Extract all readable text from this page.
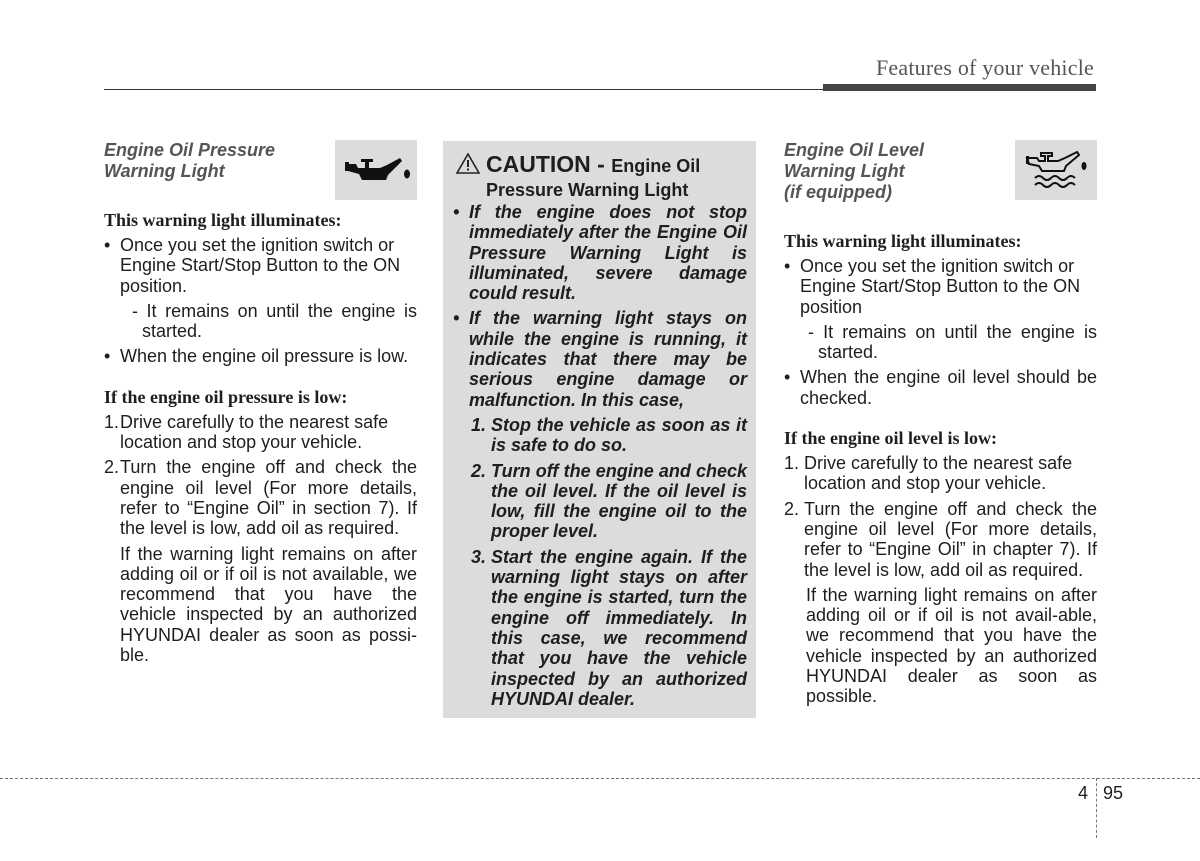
Features of your vehicle

Engine Oil Pressure
Warning Light

This warning light illuminates:
• Once you set the ignition switch or Engine Start/Stop Button to the ON position.
- It remains on until the engine is started.
• When the engine oil pressure is low.
If the engine oil pressure is low:
1. Drive carefully to the nearest safe location and stop your vehicle.
2. Turn the engine off and check the engine oil level (For more details, refer to “Engine Oil” in section 7). If the level is low, add oil as required.
If the warning light remains on after adding oil or if oil is not available, we recommend that you have the vehicle inspected by an authorized HYUNDAI dealer as soon as possi-ble.
CAUTION - Engine Oil
Pressure Warning Light
• If the engine does not stop immediately after the Engine Oil Pressure Warning Light is illuminated, severe damage could result.
• If the warning light stays on while the engine is running, it indicates that there may be serious engine damage or malfunction. In this case,
1. Stop the vehicle as soon as it is safe to do so.
2. Turn off the engine and check the oil level. If the oil level is low, fill the engine oil to the proper level.
3. Start the engine again. If the warning light stays on after the engine is started, turn the engine off immediately. In this case, we recommend that you have the vehicle inspected by an authorized HYUNDAI dealer.

Engine Oil Level
Warning Light
(if equipped)

This warning light illuminates:
• Once you set the ignition switch or Engine Start/Stop Button to the ON position
- It remains on until the engine is started.
• When the engine oil level should be checked.
If the engine oil level is low:
1. Drive carefully to the nearest safe location and stop your vehicle.
2. Turn the engine off and check the engine oil level (For more details, refer to “Engine Oil” in chapter 7). If the level is low, add oil as required.
If the warning light remains on after adding oil or if oil is not avail-able, we recommend that you have the vehicle inspected by an authorized HYUNDAI dealer as soon as possible.
4 95
